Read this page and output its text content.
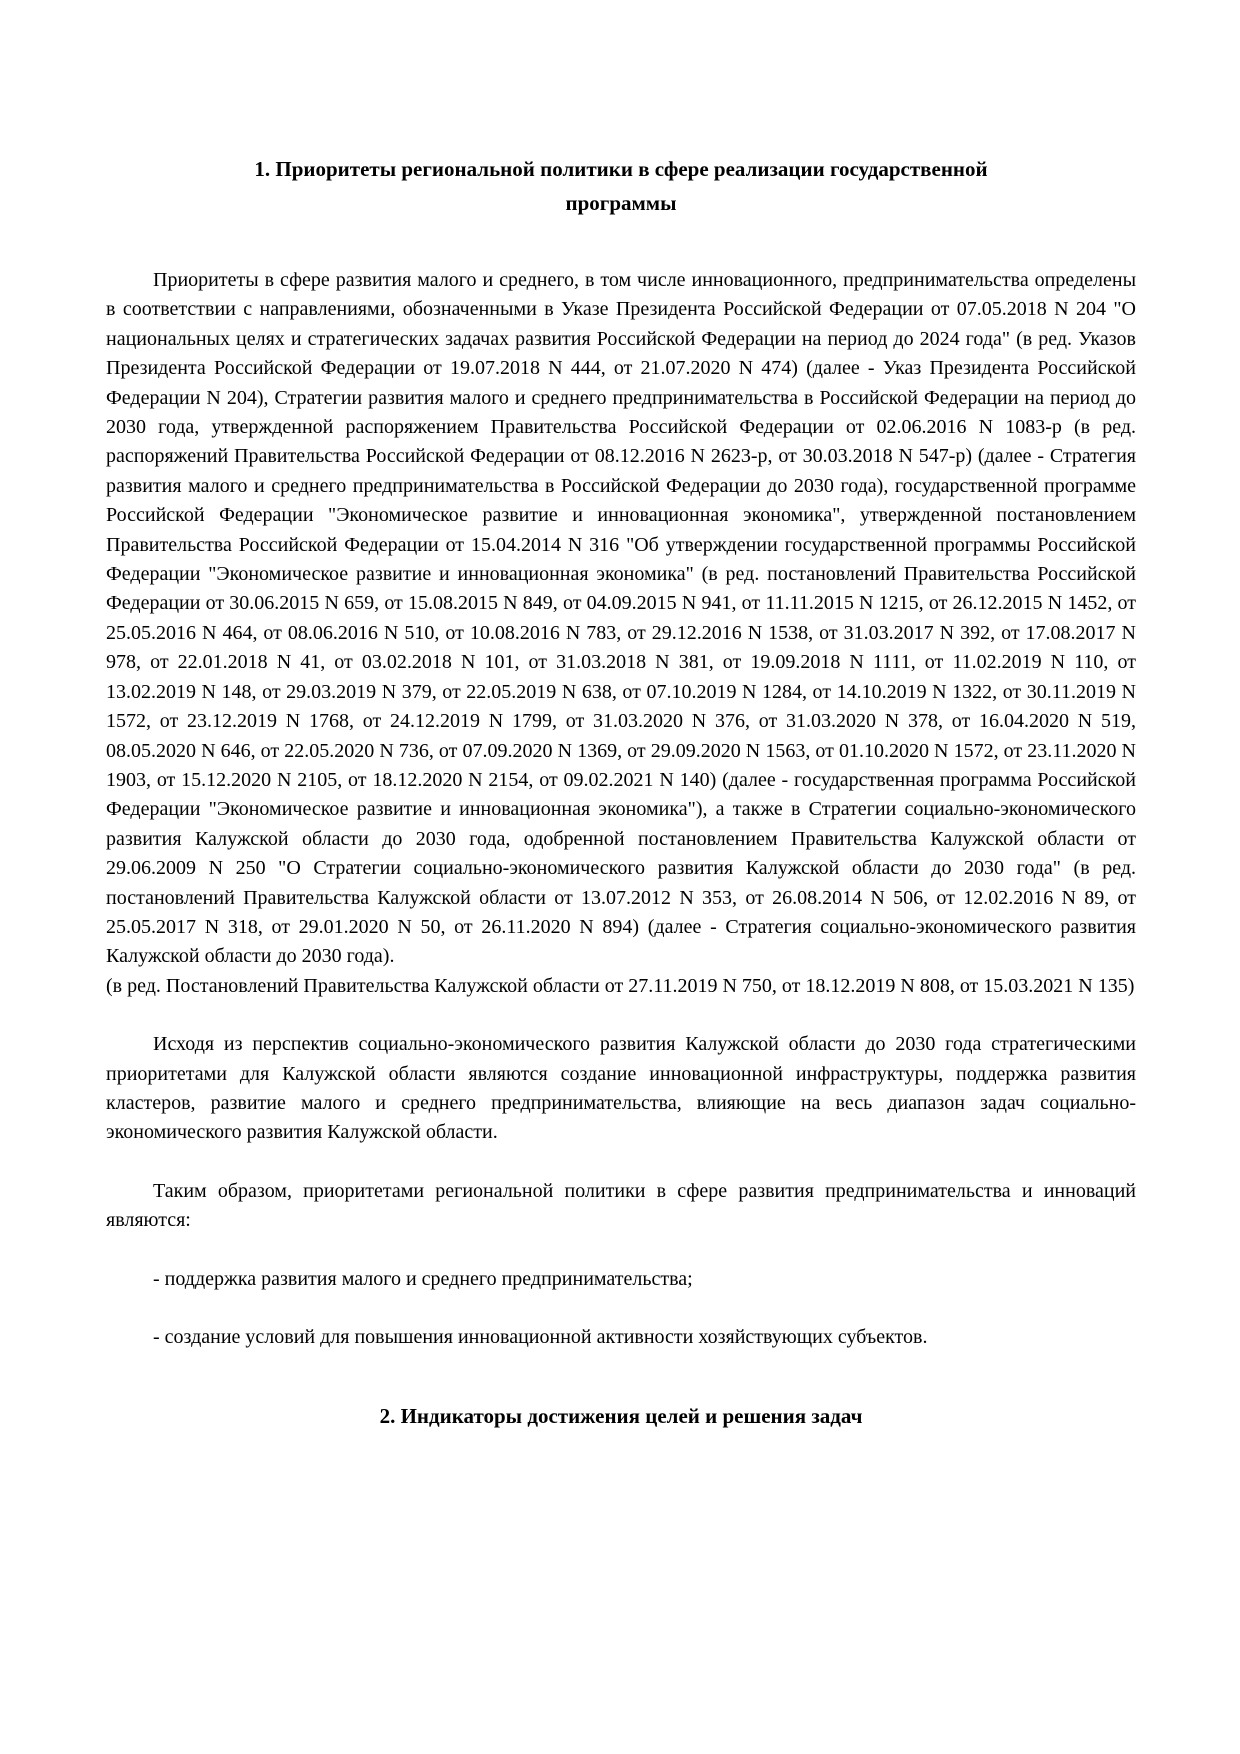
1. Приоритеты региональной политики в сфере реализации государственной программы

Приоритеты в сфере развития малого и среднего, в том числе инновационного, предпринимательства определены в соответствии с направлениями, обозначенными в Указе Президента Российской Федерации от 07.05.2018 N 204 "О национальных целях и стратегических задачах развития Российской Федерации на период до 2024 года" (в ред. Указов Президента Российской Федерации от 19.07.2018 N 444, от 21.07.2020 N 474) (далее - Указ Президента Российской Федерации N 204), Стратегии развития малого и среднего предпринимательства в Российской Федерации на период до 2030 года, утвержденной распоряжением Правительства Российской Федерации от 02.06.2016 N 1083-р (в ред. распоряжений Правительства Российской Федерации от 08.12.2016 N 2623-р, от 30.03.2018 N 547-р) (далее - Стратегия развития малого и среднего предпринимательства в Российской Федерации до 2030 года), государственной программе Российской Федерации "Экономическое развитие и инновационная экономика", утвержденной постановлением Правительства Российской Федерации от 15.04.2014 N 316 "Об утверждении государственной программы Российской Федерации "Экономическое развитие и инновационная экономика" (в ред. постановлений Правительства Российской Федерации от 30.06.2015 N 659, от 15.08.2015 N 849, от 04.09.2015 N 941, от 11.11.2015 N 1215, от 26.12.2015 N 1452, от 25.05.2016 N 464, от 08.06.2016 N 510, от 10.08.2016 N 783, от 29.12.2016 N 1538, от 31.03.2017 N 392, от 17.08.2017 N 978, от 22.01.2018 N 41, от 03.02.2018 N 101, от 31.03.2018 N 381, от 19.09.2018 N 1111, от 11.02.2019 N 110, от 13.02.2019 N 148, от 29.03.2019 N 379, от 22.05.2019 N 638, от 07.10.2019 N 1284, от 14.10.2019 N 1322, от 30.11.2019 N 1572, от 23.12.2019 N 1768, от 24.12.2019 N 1799, от 31.03.2020 N 376, от 31.03.2020 N 378, от 16.04.2020 N 519, 08.05.2020 N 646, от 22.05.2020 N 736, от 07.09.2020 N 1369, от 29.09.2020 N 1563, от 01.10.2020 N 1572, от 23.11.2020 N 1903, от 15.12.2020 N 2105, от 18.12.2020 N 2154, от 09.02.2021 N 140) (далее - государственная программа Российской Федерации "Экономическое развитие и инновационная экономика"), а также в Стратегии социально-экономического развития Калужской области до 2030 года, одобренной постановлением Правительства Калужской области от 29.06.2009 N 250 "О Стратегии социально-экономического развития Калужской области до 2030 года" (в ред. постановлений Правительства Калужской области от 13.07.2012 N 353, от 26.08.2014 N 506, от 12.02.2016 N 89, от 25.05.2017 N 318, от 29.01.2020 N 50, от 26.11.2020 N 894) (далее - Стратегия социально-экономического развития Калужской области до 2030 года).

(в ред. Постановлений Правительства Калужской области от 27.11.2019 N 750, от 18.12.2019 N 808, от 15.03.2021 N 135)

Исходя из перспектив социально-экономического развития Калужской области до 2030 года стратегическими приоритетами для Калужской области являются создание инновационной инфраструктуры, поддержка развития кластеров, развитие малого и среднего предпринимательства, влияющие на весь диапазон задач социально-экономического развития Калужской области.

Таким образом, приоритетами региональной политики в сфере развития предпринимательства и инноваций являются:

- поддержка развития малого и среднего предпринимательства;

- создание условий для повышения инновационной активности хозяйствующих субъектов.

2. Индикаторы достижения целей и решения задач
